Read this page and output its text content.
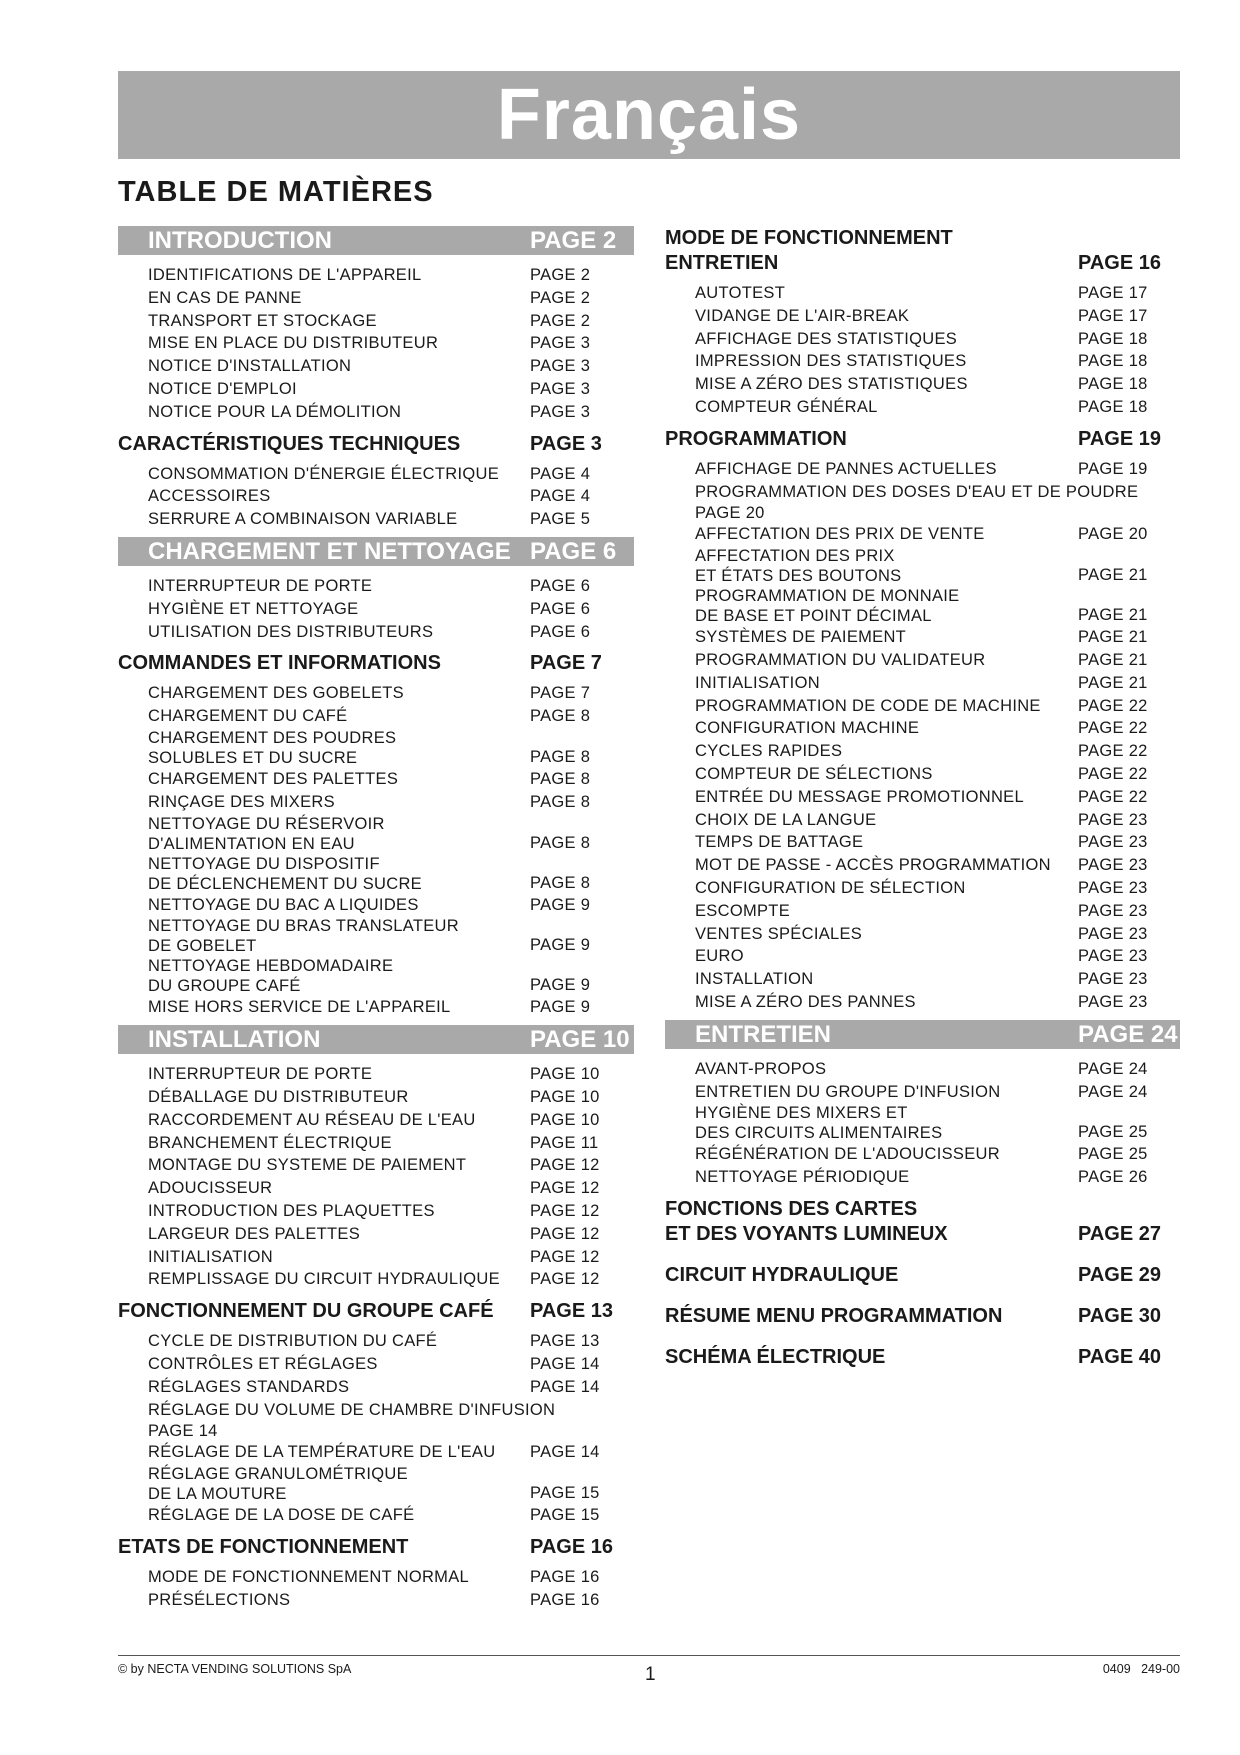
Français
TABLE DE MATIÈRES
INTRODUCTION	PAGE 2
IDENTIFICATIONS DE L'APPAREIL	PAGE 2
EN CAS DE PANNE	PAGE 2
TRANSPORT ET STOCKAGE	PAGE 2
MISE EN PLACE DU DISTRIBUTEUR	PAGE 3
NOTICE D'INSTALLATION	PAGE 3
NOTICE D'EMPLOI	PAGE 3
NOTICE POUR LA DÉMOLITION	PAGE 3
CARACTÉRISTIQUES TECHNIQUES	PAGE 3
CONSOMMATION D'ÉNERGIE ÉLECTRIQUE PAGE 4
ACCESSOIRES	PAGE 4
SERRURE A COMBINAISON VARIABLE	PAGE 5
CHARGEMENT ET NETTOYAGE PAGE 6
INTERRUPTEUR DE PORTE	PAGE 6
HYGIÈNE ET NETTOYAGE	PAGE 6
UTILISATION DES DISTRIBUTEURS	PAGE 6
COMMANDES ET INFORMATIONS	PAGE 7
CHARGEMENT DES GOBELETS	PAGE 7
CHARGEMENT DU CAFÉ	PAGE 8
CHARGEMENT DES POUDRES
SOLUBLES ET DU SUCRE	PAGE 8
CHARGEMENT DES PALETTES	PAGE 8
RINÇAGE DES MIXERS	PAGE 8
NETTOYAGE DU RÉSERVOIR
D'ALIMENTATION EN EAU	PAGE 8
NETTOYAGE DU DISPOSITIF
DE DÉCLENCHEMENT DU SUCRE	PAGE 8
NETTOYAGE DU BAC A LIQUIDES	PAGE 9
NETTOYAGE DU BRAS TRANSLATEUR
DE GOBELET	PAGE 9
NETTOYAGE HEBDOMADAIRE
DU GROUPE CAFÉ	PAGE 9
MISE HORS SERVICE DE L'APPAREIL	PAGE 9
INSTALLATION	PAGE 10
INTERRUPTEUR DE PORTE	PAGE 10
DÉBALLAGE DU DISTRIBUTEUR	PAGE 10
RACCORDEMENT AU RÉSEAU DE L'EAU	PAGE 10
BRANCHEMENT ÉLECTRIQUE	PAGE 11
MONTAGE DU SYSTEME DE PAIEMENT	PAGE 12
ADOUCISSEUR	PAGE 12
INTRODUCTION DES PLAQUETTES	PAGE 12
LARGEUR DES PALETTES	PAGE 12
INITIALISATION	PAGE 12
REMPLISSAGE DU CIRCUIT HYDRAULIQUE PAGE 12
FONCTIONNEMENT DU GROUPE CAFÉ PAGE 13
CYCLE DE DISTRIBUTION DU CAFÉ	PAGE 13
CONTRÔLES ET RÉGLAGES	PAGE 14
RÉGLAGES STANDARDS	PAGE 14
RÉGLAGE DU VOLUME DE CHAMBRE D'INFUSION
PAGE 14
RÉGLAGE DE LA TEMPÉRATURE DE L'EAU PAGE 14
RÉGLAGE GRANULOMÉTRIQUE
DE LA MOUTURE	PAGE 15
RÉGLAGE DE LA DOSE DE CAFÉ	PAGE 15
ETATS DE FONCTIONNEMENT	PAGE 16
MODE DE FONCTIONNEMENT NORMAL	PAGE 16
PRÉSÉLECTIONS	PAGE 16
MODE DE FONCTIONNEMENT
ENTRETIEN	PAGE 16
AUTOTEST	PAGE 17
VIDANGE DE L'AIR-BREAK	PAGE 17
AFFICHAGE DES STATISTIQUES	PAGE 18
IMPRESSION DES STATISTIQUES	PAGE 18
MISE A ZÉRO DES STATISTIQUES	PAGE 18
COMPTEUR GÉNÉRAL	PAGE 18
PROGRAMMATION	PAGE 19
AFFICHAGE DE PANNES ACTUELLES	PAGE 19
PROGRAMMATION DES DOSES D'EAU ET DE POUDRE
PAGE 20
AFFECTATION DES PRIX DE VENTE	PAGE 20
AFFECTATION DES PRIX
ET ÉTATS DES BOUTONS	PAGE 21
PROGRAMMATION DE MONNAIE
DE BASE ET POINT DÉCIMAL	PAGE 21
SYSTÈMES DE PAIEMENT	PAGE 21
PROGRAMMATION DU VALIDATEUR	PAGE 21
INITIALISATION	PAGE 21
PROGRAMMATION DE CODE DE MACHINE PAGE 22
CONFIGURATION MACHINE	PAGE 22
CYCLES RAPIDES	PAGE 22
COMPTEUR DE SÉLECTIONS	PAGE 22
ENTRÉE DU MESSAGE PROMOTIONNEL	PAGE 22
CHOIX DE LA LANGUE	PAGE 23
TEMPS DE BATTAGE	PAGE 23
MOT DE PASSE - ACCÈS PROGRAMMATION PAGE 23
CONFIGURATION DE SÉLECTION	PAGE 23
ESCOMPTE	PAGE 23
VENTES SPÉCIALES	PAGE 23
EURO	PAGE 23
INSTALLATION	PAGE 23
MISE A ZÉRO DES PANNES	PAGE 23
ENTRETIEN	PAGE 24
AVANT-PROPOS	PAGE 24
ENTRETIEN DU GROUPE D'INFUSION	PAGE 24
HYGIÈNE DES MIXERS ET
DES CIRCUITS ALIMENTAIRES	PAGE 25
RÉGÉNÉRATION DE L'ADOUCISSEUR	PAGE 25
NETTOYAGE PÉRIODIQUE	PAGE 26
FONCTIONS DES CARTES
ET DES VOYANTS LUMINEUX	PAGE 27
CIRCUIT HYDRAULIQUE	PAGE 29
RÉSUME MENU PROGRAMMATION	PAGE 30
SCHÉMA ÉLECTRIQUE	PAGE 40
© by NECTA VENDING SOLUTIONS SpA	1	0409   249-00
